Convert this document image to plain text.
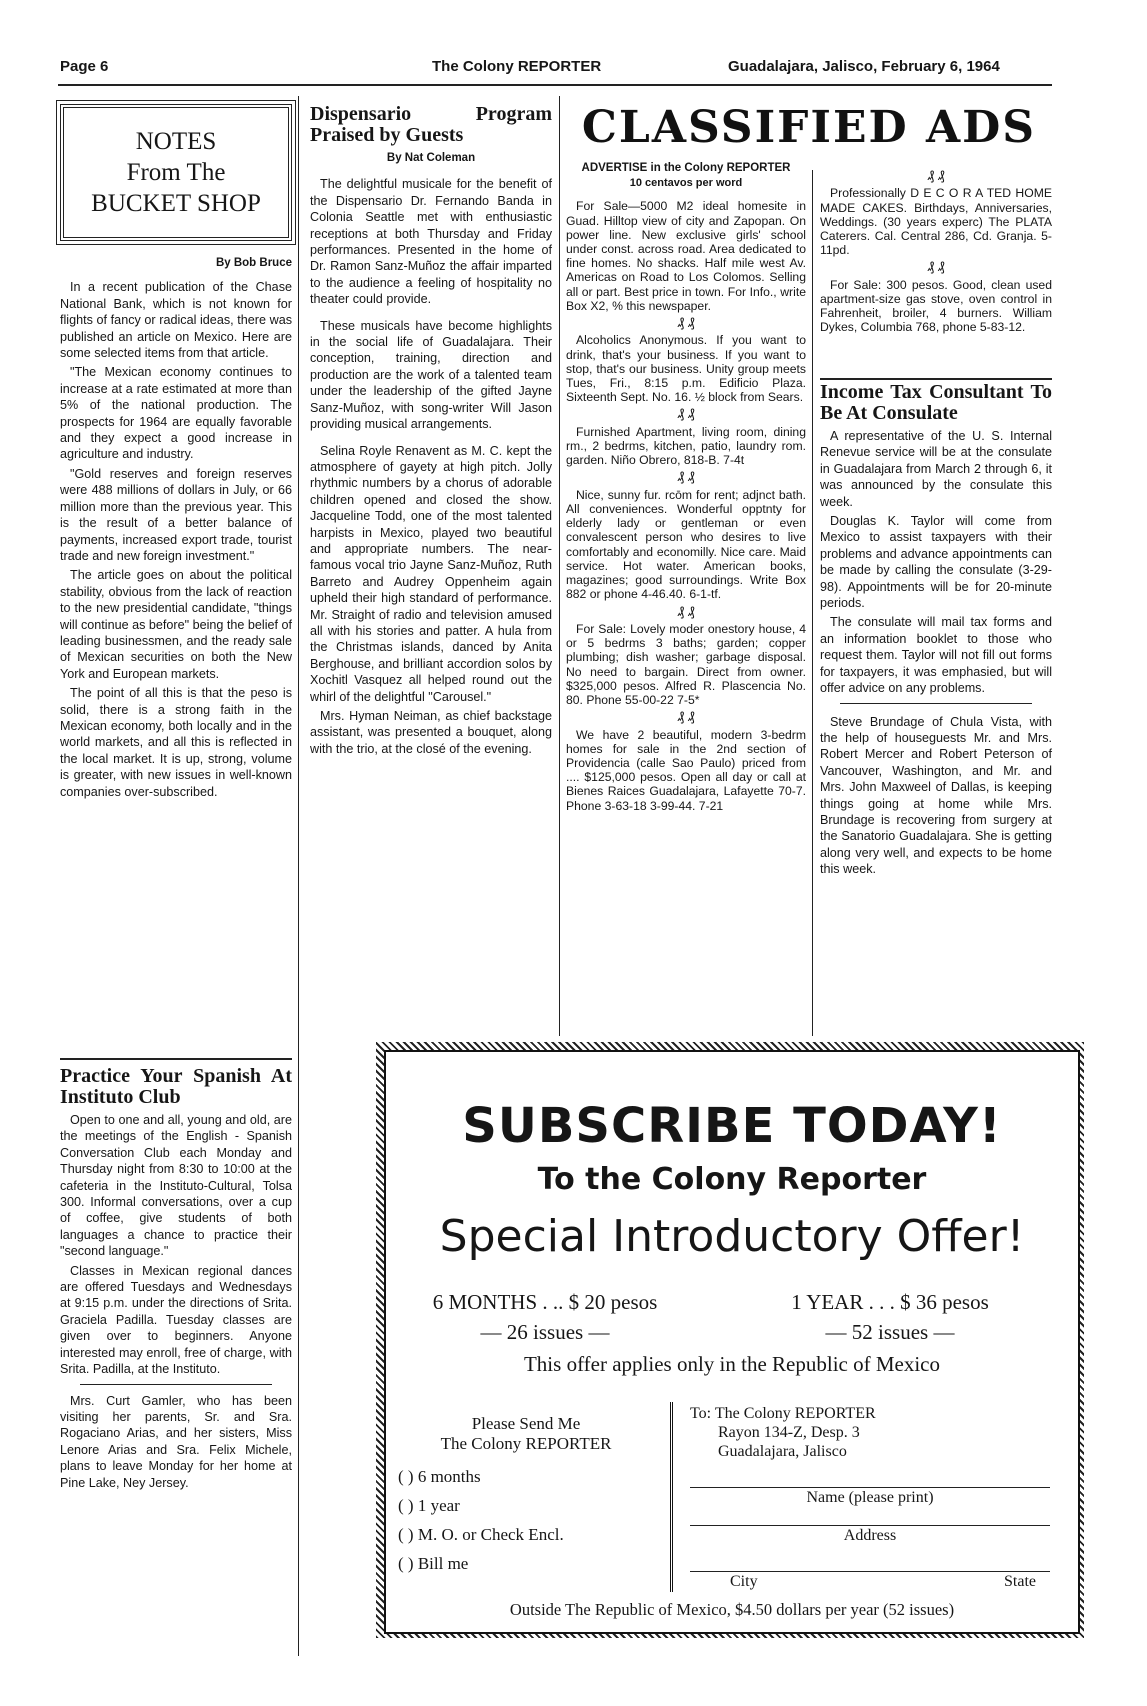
Page 6	The Colony REPORTER	Guadalajara, Jalisco, February 6, 1964
NOTES
From The
BUCKET SHOP
By Bob Bruce

In a recent publication of the Chase National Bank, which is not known for flights of fancy or radical ideas, there was published an article on Mexico. Here are some selected items from that article.

"The Mexican economy continues to increase at a rate estimated at more than 5% of the national production. The prospects for 1964 are equally favorable and they expect a good increase in agriculture and industry.

"Gold reserves and foreign reserves were 488 millions of dollars in July, or 66 million more than the previous year. This is the result of a better balance of payments, increased export trade, tourist trade and new foreign investment."

The article goes on about the political stability, obvious from the lack of reaction to the new presidential candidate, "things will continue as before" being the belief of leading businessmen, and the ready sale of Mexican securities on both the New York and European markets.

The point of all this is that the peso is solid, there is a strong faith in the Mexican economy, both locally and in the world markets, and all this is reflected in the local market. It is up, strong, volume is greater, with new issues in well-known companies over-subscribed.

Practice Your Spanish At Instituto Club

Open to one and all, young and old, are the meetings of the English - Spanish Conversation Club each Monday and Thursday night from 8:30 to 10:00 at the cafeteria in the Instituto-Cultural, Tolsa 300. Informal conversations, over a cup of coffee, give students of both languages a chance to practice their "second language."

Classes in Mexican regional dances are offered Tuesdays and Wednesdays at 9:15 p.m. under the directions of Srita. Graciela Padilla. Tuesday classes are given over to beginners. Anyone interested may enroll, free of charge, with Srita. Padilla, at the Instituto.

Mrs. Curt Gamler, who has been visiting her parents, Sr. and Sra. Rogaciano Arias, and her sisters, Miss Lenore Arias and Sra. Felix Michele, plans to leave Monday for her home at Pine Lake, Ney Jersey.

Dispensario Program Praised by Guests
By Nat Coleman

The delightful musicale for the benefit of the Dispensario Dr. Fernando Banda in Colonia Seattle met with enthusiastic receptions at both Thursday and Friday performances. Presented in the home of Dr. Ramon Sanz-Muñoz the affair imparted to the audience a feeling of hospitality no theater could provide.

These musicals have become highlights in the social life of Guadalajara. Their conception, training, direction and production are the work of a talented team under the leadership of the gifted Jayne Sanz-Muñoz, with song-writer Will Jason providing musical arrangements.

Selina Royle Renavent as M. C. kept the atmosphere of gayety at high pitch. Jolly rhythmic numbers by a chorus of adorable children opened and closed the show. Jacqueline Todd, one of the most talented harpists in Mexico, played two beautiful and appropriate numbers. The near-famous vocal trio Jayne Sanz-Muñoz, Ruth Barreto and Audrey Oppenheim again upheld their high standard of performance. Mr. Straight of radio and television amused all with his stories and patter. A hula from the Christmas islands, danced by Anita Berghouse, and brilliant accordion solos by Xochitl Vasquez all helped round out the whirl of the delightful "Carousel."

Mrs. Hyman Neiman, as chief backstage assistant, was presented a bouquet, along with the trio, at the closé of the evening.

CLASSIFIED ADS
ADVERTISE in the Colony REPORTER
10 centavos per word

For Sale—5000 M2 ideal homesite in Guad. Hilltop view of city and Zapopan. On power line. New exclusive girls' school under const. across road. Area dedicated to fine homes. No shacks. Half mile west Av. Americas on Road to Los Colomos. Selling all or part. Best price in town. For Info., write Box X2, % this newspaper.

₰ ₰

Alcoholics Anonymous. If you want to drink, that's your business. If you want to stop, that's our business. Unity group meets Tues, Fri., 8:15 p.m. Edificio Plaza. Sixteenth Sept. No. 16. ½ block from Sears.

₰ ₰

Furnished Apartment, living room, dining rm., 2 bedrms, kitchen, patio, laundry rom. garden. Niño Obrero, 818-B. 7-4t

₰ ₰

Nice, sunny fur. rcōm for rent; adjnct bath. All conveniences. Wonderful opptnty for elderly lady or gentleman or even convalescent person who desires to live comfortably and economilly. Nice care. Maid service. Hot water. American books, magazines; good surroundings. Write Box 882 or phone 4-46.40. 6-1-tf.

₰ ₰

For Sale: Lovely moder onestory house, 4 or 5 bedrms 3 baths; garden; copper plumbing; dish washer; garbage disposal. No need to bargain. Direct from owner. $325,000 pesos. Alfred R. Plascencia No. 80. Phone 55-00-22 7-5*

₰ ₰

We have 2 beautiful, modern 3-bedrm homes for sale in the 2nd section of Providencia (calle Sao Paulo) priced from .... $125,000 pesos. Open all day or call at Bienes Raices Guadalajara, Lafayette 70-7. Phone 3-63-18 3-99-44. 7-21

₰ ₰

Professionally D E C O R A TED HOME MADE CAKES. Birthdays, Anniversaries, Weddings. (30 years experc) The PLATA Caterers. Cal. Central 286, Cd. Granja. 5-11pd.

₰ ₰

For Sale: 300 pesos. Good, clean used apartment-size gas stove, oven control in Fahrenheit, broiler, 4 burners. William Dykes, Columbia 768, phone 5-83-12.

Income Tax Consultant To Be At Consulate

A representative of the U. S. Internal Renevue service will be at the consulate in Guadalajara from March 2 through 6, it was announced by the consulate this week.

Douglas K. Taylor will come from Mexico to assist taxpayers with their problems and advance appointments can be made by calling the consulate (3-29-98). Appointments will be for 20-minute periods.

The consulate will mail tax forms and an information booklet to those who request them. Taylor will not fill out forms for taxpayers, it was emphasied, but will offer advice on any problems.

Steve Brundage of Chula Vista, with the help of houseguests Mr. and Mrs. Robert Mercer and Robert Peterson of Vancouver, Washington, and Mr. and Mrs. John Maxweel of Dallas, is keeping things going at home while Mrs. Brundage is recovering from surgery at the Sanatorio Guadalajara. She is getting along very well, and expects to be home this week.

SUBSCRIBE TODAY!
To the Colony Reporter
Special Introductory Offer!
6 MONTHS . .. $ 20 pesos	1 YEAR . . . $ 36 pesos
— 26 issues —	— 52 issues —
This offer applies only in the Republic of Mexico
Please Send Me
The Colony REPORTER
( ) 6 months
( ) 1 year
( ) M. O. or Check Encl.
( ) Bill me
To: The Colony REPORTER
Rayon 134-Z, Desp. 3
Guadalajara, Jalisco
Name (please print)
Address
City	State
Outside The Republic of Mexico, $4.50 dollars per year (52 issues)
